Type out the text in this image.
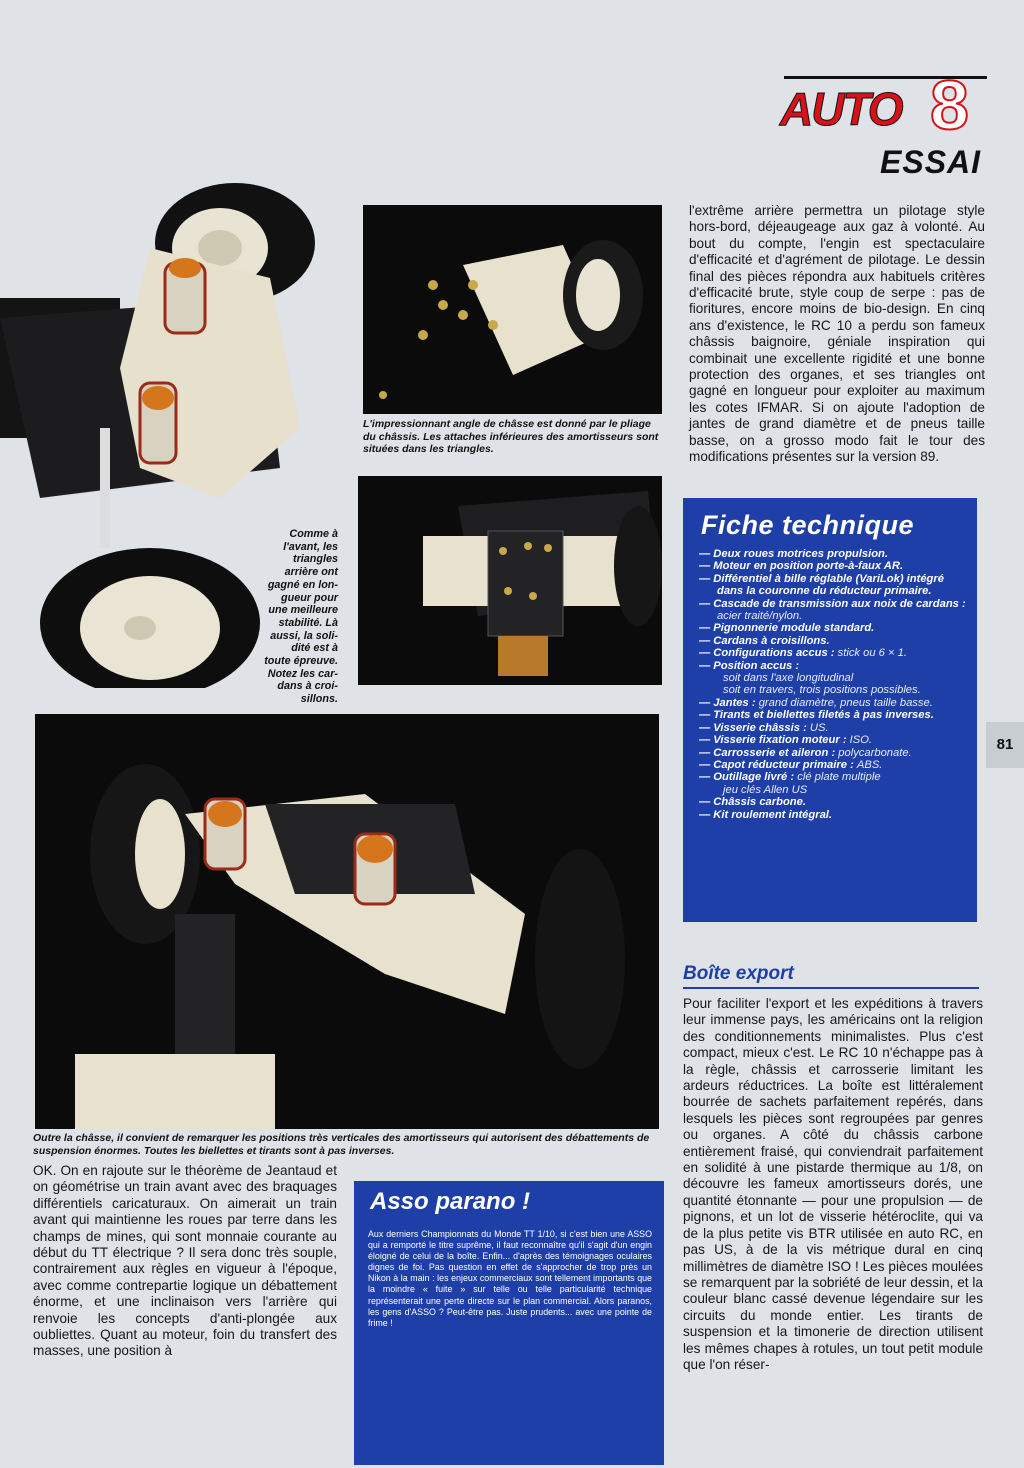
AUTO 8
ESSAI
L'impressionnant angle de châsse est donné par le pliage du châssis. Les attaches inférieures des amortisseurs sont situées dans les triangles.
Comme à
l'avant, les
triangles
arrière ont
gagné en lon-
gueur pour
une meilleure
stabilité. Là
aussi, la soli-
dité est à
toute épreuve.
Notez les car-
dans à croi-
sillons.
l'extrême arrière permettra un pilotage style hors-bord, déjeaugeage aux gaz à volonté. Au bout du compte, l'engin est spectaculaire d'efficacité et d'agrément de pilotage. Le dessin final des pièces répondra aux habituels critères d'efficacité brute, style coup de serpe : pas de fioritures, encore moins de bio-design. En cinq ans d'existence, le RC 10 a perdu son fameux châssis baignoire, géniale inspiration qui combinait une excellente rigidité et une bonne protection des organes, et ses triangles ont gagné en longueur pour exploiter au maximum les cotes IFMAR. Si on ajoute l'adoption de jantes de grand diamètre et de pneus taille basse, on a grosso modo fait le tour des modifications présentes sur la version 89.
Fiche technique
— Deux roues motrices propulsion.
— Moteur en position porte-à-faux AR.
— Différentiel à bille réglable (VariLok) intégré dans la couronne du réducteur primaire.
— Cascade de transmission aux noix de cardans : acier traité/nylon.
— Pignonnerie module standard.
— Cardans à croisillons.
— Configurations accus : stick ou 6 × 1.
— Position accus :
soit dans l'axe longitudinal
soit en travers, trois positions possibles.
— Jantes : grand diamètre, pneus taille basse.
— Tirants et biellettes filetés à pas inverses.
— Visserie châssis : US.
— Visserie fixation moteur : ISO.
— Carrosserie et aileron : polycarbonate.
— Capot réducteur primaire : ABS.
— Outillage livré : clé plate multiple
jeu clés Allen US
— Châssis carbone.
— Kit roulement intégral.
81
Outre la châsse, il convient de remarquer les positions très verticales des amortisseurs qui autorisent des débattements de suspension énormes. Toutes les biellettes et tirants sont à pas inverses.
OK. On en rajoute sur le théorème de Jeantaud et on géométrise un train avant avec des braquages différentiels caricaturaux. On aimerait un train avant qui maintienne les roues par terre dans les champs de mines, qui sont monnaie courante au début du TT électrique ? Il sera donc très souple, contrairement aux règles en vigueur à l'époque, avec comme contrepartie logique un débattement énorme, et une inclinaison vers l'arrière qui renvoie les concepts d'anti-plongée aux oubliettes. Quant au moteur, foin du transfert des masses, une position à
Asso parano !

Aux derniers Championnats du Monde TT 1/10, si c'est bien une ASSO qui a remporté le titre suprême, il faut reconnaître qu'il s'agit d'un engin éloigné de celui de la boîte. Enfin... d'après des témoignages oculaires dignes de foi. Pas question en effet de s'approcher de trop près un Nikon à la main : les enjeux commerciaux sont tellement importants que la moindre « fuite » sur telle ou telle particularité technique représenterait une perte directe sur le plan commercial. Alors paranos, les gens d'ASSO ? Peut-être pas. Juste prudents... avec une pointe de frime !

Boîte export
Pour faciliter l'export et les expéditions à travers leur immense pays, les américains ont la religion des conditionnements minimalistes. Plus c'est compact, mieux c'est. Le RC 10 n'échappe pas à la règle, châssis et carrosserie limitant les ardeurs réductrices. La boîte est littéralement bourrée de sachets parfaitement repérés, dans lesquels les pièces sont regroupées par genres ou organes. A côté du châssis carbone entièrement fraisé, qui conviendrait parfaitement en solidité à une pistarde thermique au 1/8, on découvre les fameux amortisseurs dorés, une quantité étonnante — pour une propulsion — de pignons, et un lot de visserie hétéroclite, qui va de la plus petite vis BTR utilisée en auto RC, en pas US, à de la vis métrique dural en cinq millimètres de diamètre ISO ! Les pièces moulées se remarquent par la sobriété de leur dessin, et la couleur blanc cassé devenue légendaire sur les circuits du monde entier. Les tirants de suspension et la timonerie de direction utilisent les mêmes chapes à rotules, un tout petit module que l'on réser-
